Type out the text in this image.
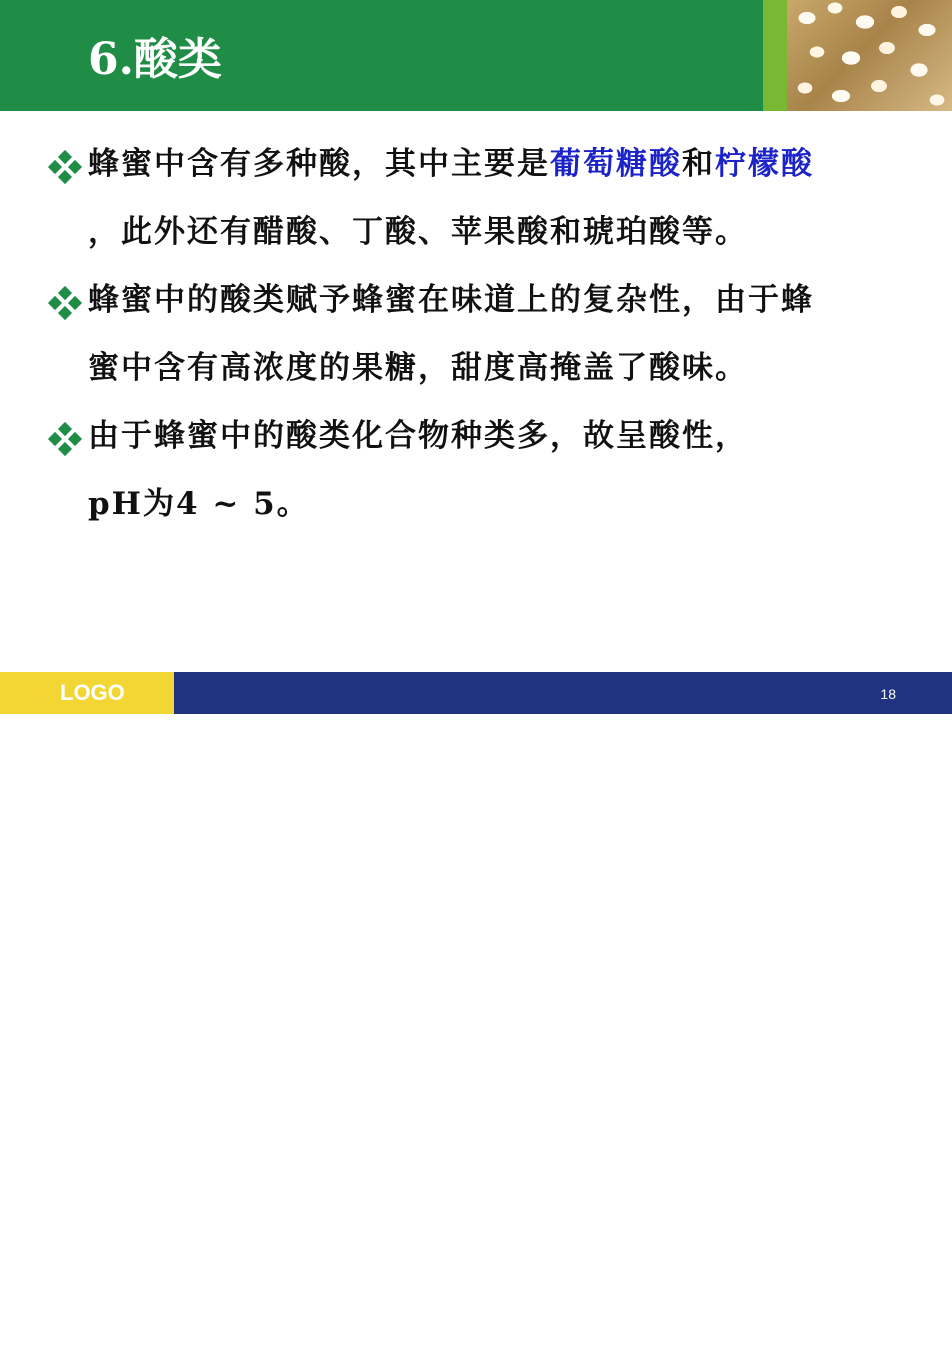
6.酸类
蜂蜜中含有多种酸，其中主要是葡萄糖酸和柠檬酸
，此外还有醋酸、丁酸、苹果酸和琥珀酸等。
蜂蜜中的酸类赋予蜂蜜在味道上的复杂性，由于蜂
蜜中含有高浓度的果糖，甜度高掩盖了酸味。
由于蜂蜜中的酸类化合物种类多，故呈酸性，
pH为4 ~ 5。
LOGO	18
